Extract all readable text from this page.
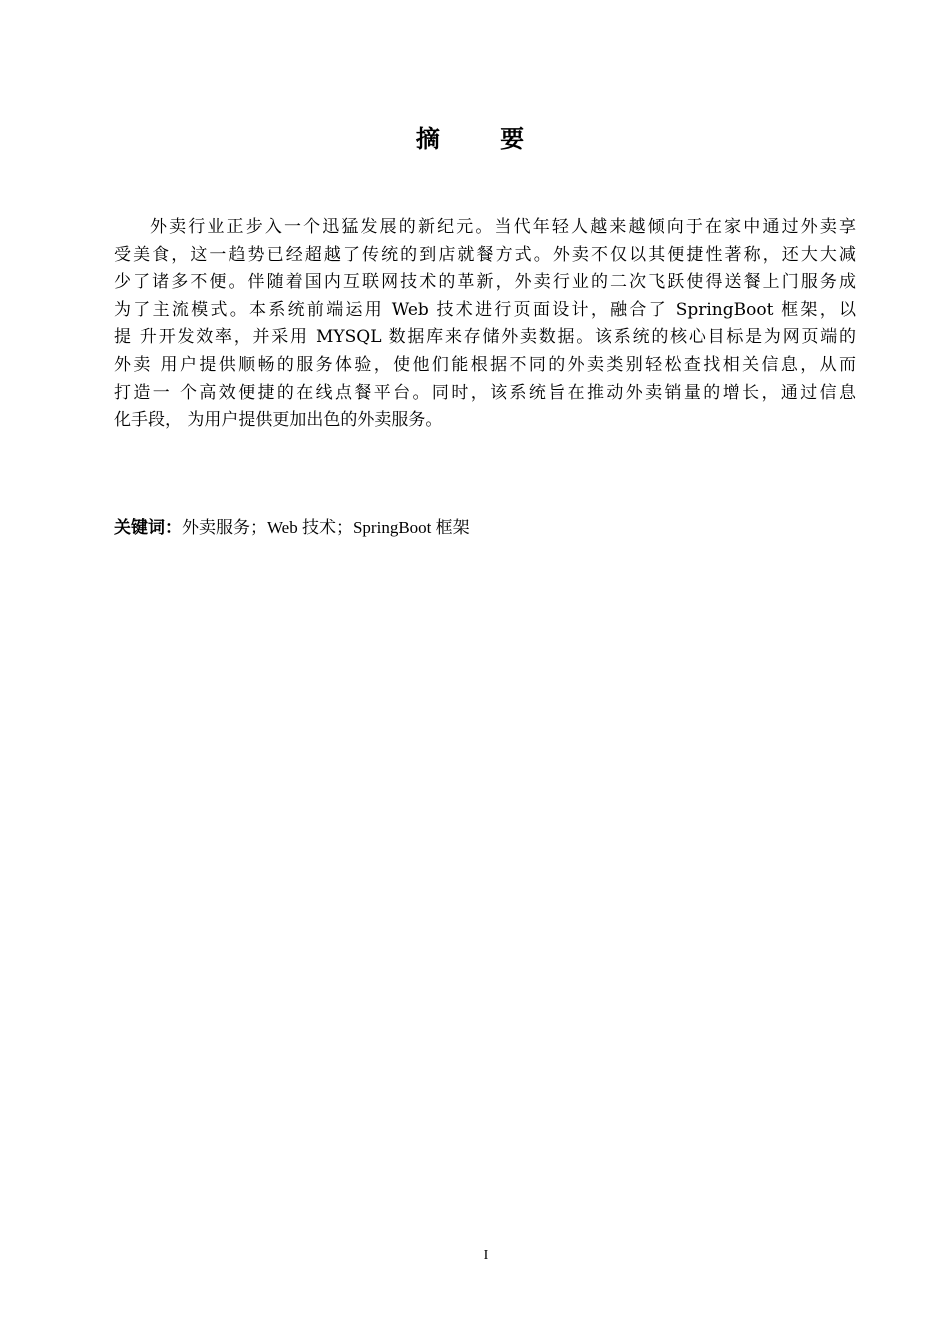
摘 要
外卖行业正步入一个迅猛发展的新纪元。当代年轻人越来越倾向于在家中通过外卖享
受美食，这一趋势已经超越了传统的到店就餐方式。外卖不仅以其便捷性著称，还大大减
少了诸多不便。伴随着国内互联网技术的革新，外卖行业的二次飞跃使得送餐上门服务成
为了主流模式。本系统前端运用 Web 技术进行页面设计，融合了 SpringBoot 框架，以
提 升开发效率，并采用 MYSQL 数据库来存储外卖数据。该系统的核心目标是为网页端的
外卖 用户提供顺畅的服务体验，使他们能根据不同的外卖类别轻松查找相关信息，从而
打造一 个高效便捷的在线点餐平台。同时，该系统旨在推动外卖销量的增长，通过信息
化手段， 为用户提供更加出色的外卖服务。
关键词：外卖服务；Web 技术；SpringBoot 框架
I
